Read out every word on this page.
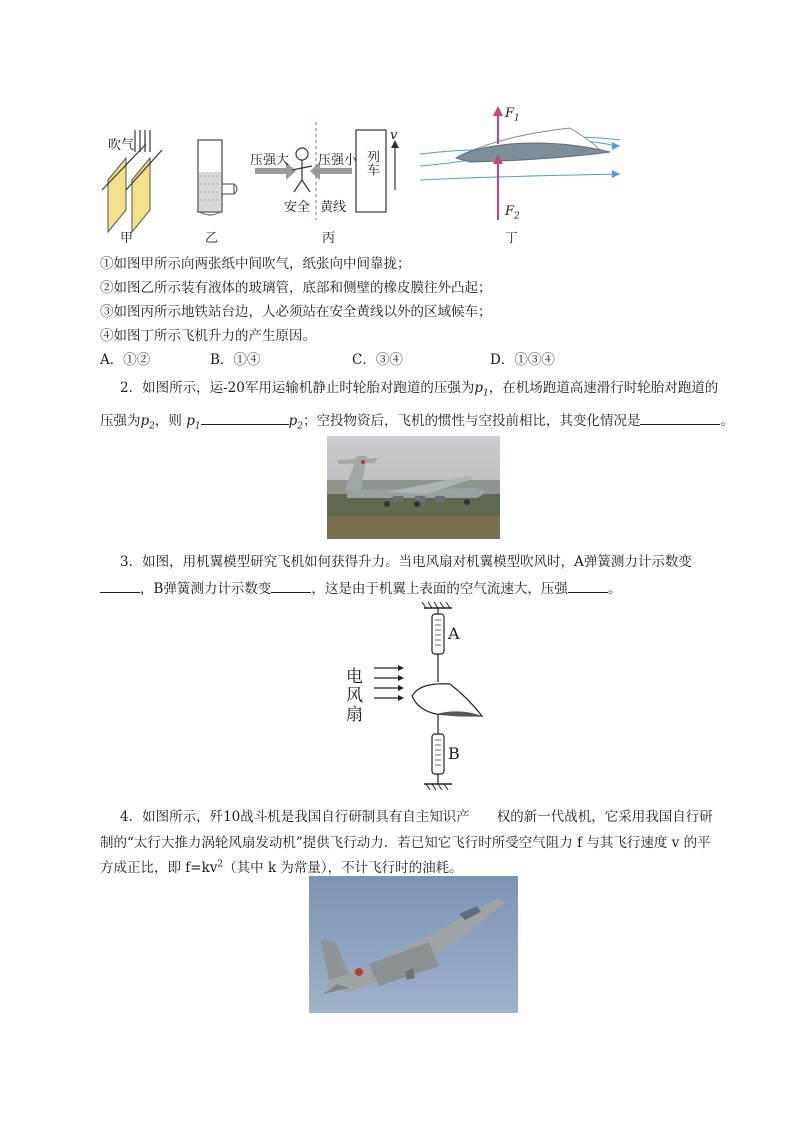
吹气
甲	乙
压强大 压强小 列车
v
安全 黄线
丙
$F_1$
$F_2$
丁
①如图甲所示向两张纸中间吹气，纸张向中间靠拢；
②如图乙所示装有液体的玻璃管，底部和侧壁的橡皮膜往外凸起；
③如图丙所示地铁站台边，人必须站在安全黄线以外的区域候车；
④如图丁所示飞机升力的产生原因。
A．①②	B．①④	C．③④	D．①③④
2．如图所示，运-20军用运输机静止时轮胎对跑道的压强为$p_1$，在机场跑道高速滑行时轮胎对跑道的
压强为$p_2$，则 $p_1$	$p_2$；空投物资后，飞机的惯性与空投前相比，其变化情况是	。
3．如图，用机翼模型研究飞机如何获得升力。当电风扇对机翼模型吹风时，A弹簧测力计示数变
，B弹簧测力计示数变	，这是由于机翼上表面的空气流速大，压强	。
A
B
电
风
扇
4．如图所示，歼10战斗机是我国自行研制具有自主知识产　　权的新一代战机，它采用我国自行研
制的“太行大推力涡轮风扇发动机”提供飞行动力．若已知它飞行时所受空气阻力 f 与其飞行速度 v 的平
方成正比，即 $f=kv^2$（其中 k 为常量），不计飞行时的油耗。
